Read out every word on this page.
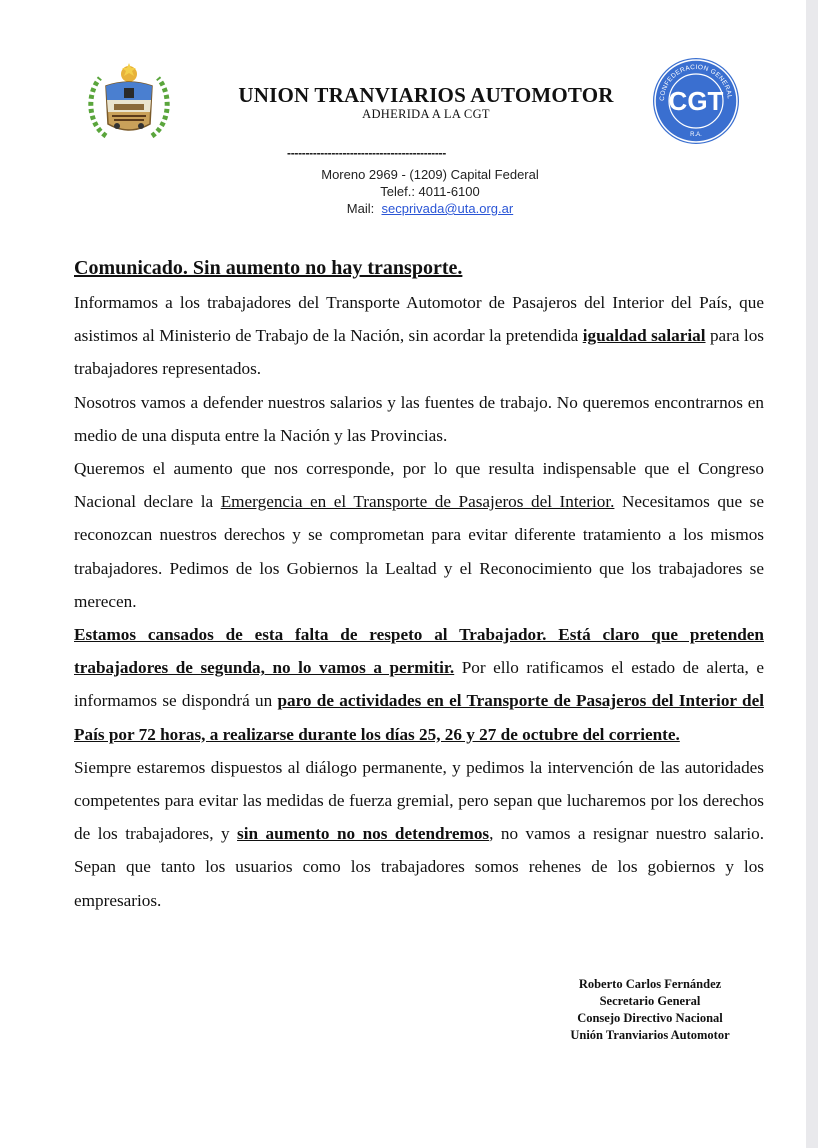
UNION TRANVIARIOS AUTOMOTOR
ADHERIDA A LA CGT
CONFEDERACION GENERAL
CGT
R.A.
-------------------------------------------
Moreno 2969 - (1209) Capital Federal
Telef.: 4011-6100
Mail: secprivada@uta.org.ar
Comunicado. Sin aumento no hay transporte.

Informamos a los trabajadores del Transporte Automotor de Pasajeros del Interior del País, que asistimos al Ministerio de Trabajo de la Nación, sin acordar la pretendida igualdad salarial para los trabajadores representados.

Nosotros vamos a defender nuestros salarios y las fuentes de trabajo. No queremos encontrarnos en medio de una disputa entre la Nación y las Provincias.

Queremos el aumento que nos corresponde, por lo que resulta indispensable que el Congreso Nacional declare la Emergencia en el Transporte de Pasajeros del Interior. Necesitamos que se reconozcan nuestros derechos y se comprometan para evitar diferente tratamiento a los mismos trabajadores. Pedimos de los Gobiernos la Lealtad y el Reconocimiento que los trabajadores se merecen.

Estamos cansados de esta falta de respeto al Trabajador. Está claro que pretenden trabajadores de segunda, no lo vamos a permitir. Por ello ratificamos el estado de alerta, e informamos se dispondrá un paro de actividades en el Transporte de Pasajeros del Interior del País por 72 horas, a realizarse durante los días 25, 26 y 27 de octubre del corriente.

Siempre estaremos dispuestos al diálogo permanente, y pedimos la intervención de las autoridades competentes para evitar las medidas de fuerza gremial, pero sepan que lucharemos por los derechos de los trabajadores, y sin aumento no nos detendremos, no vamos a resignar nuestro salario. Sepan que tanto los usuarios como los trabajadores somos rehenes de los gobiernos y los empresarios.

Roberto Carlos Fernández
Secretario General
Consejo Directivo Nacional
Unión Tranviarios Automotor
